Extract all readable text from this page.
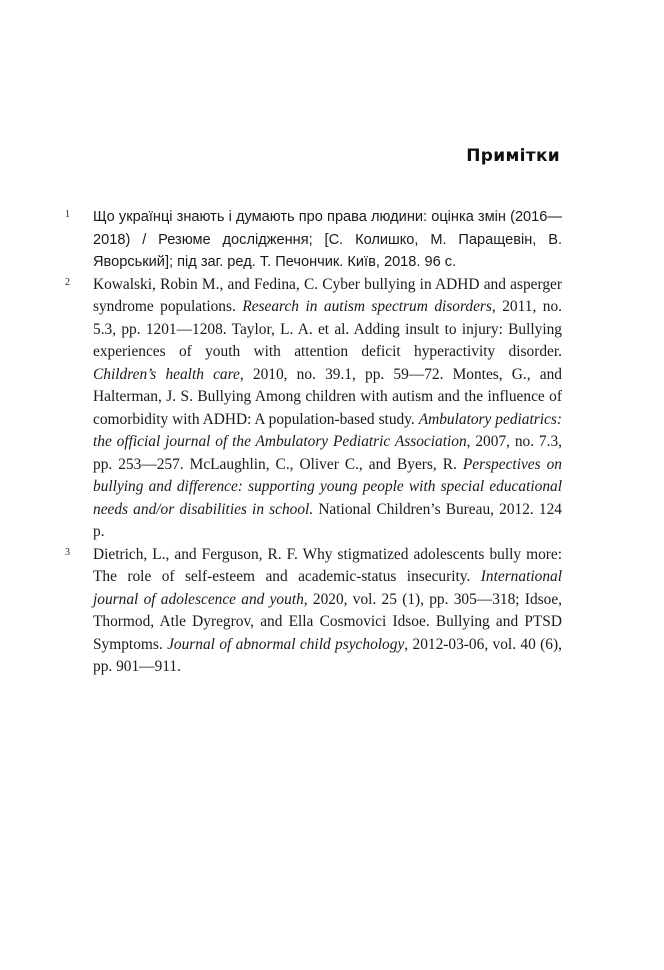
Примітки
1 Що українці знають і думають про права людини: оцінка змін (2016—2018) / Резюме дослідження; [С. Колишко, М. Паращевін, В. Яворський]; під заг. ред. Т. Печончик. Київ, 2018. 96 с.
2 Kowalski, Robin M., and Fedina, C. Cyber bullying in ADHD and asperger syndrome populations. Research in autism spectrum disorders, 2011, no. 5.3, pp. 1201—1208. Taylor, L. A. et al. Adding insult to injury: Bullying experiences of youth with attention deficit hyperactivity disorder. Children’s health care, 2010, no. 39.1, pp. 59—72. Montes, G., and Halterman, J. S. Bullying Among children with autism and the influence of comorbidity with ADHD: A population-based study. Ambulatory pediatrics: the official journal of the Ambulatory Pediatric Association, 2007, no. 7.3, pp. 253—257. McLaughlin, C., Oliver C., and Byers, R. Perspectives on bullying and difference: supporting young people with special educational needs and/or disabilities in school. National Children’s Bureau, 2012. 124 p.
3 Dietrich, L., and Ferguson, R. F. Why stigmatized adolescents bully more: The role of self-esteem and academic-status insecurity. International journal of adolescence and youth, 2020, vol. 25 (1), pp. 305—318; Idsoe, Thormod, Atle Dyregrov, and Ella Cosmovici Idsoe. Bullying and PTSD Symptoms. Journal of abnormal child psychology, 2012-03-06, vol. 40 (6), pp. 901—911.
